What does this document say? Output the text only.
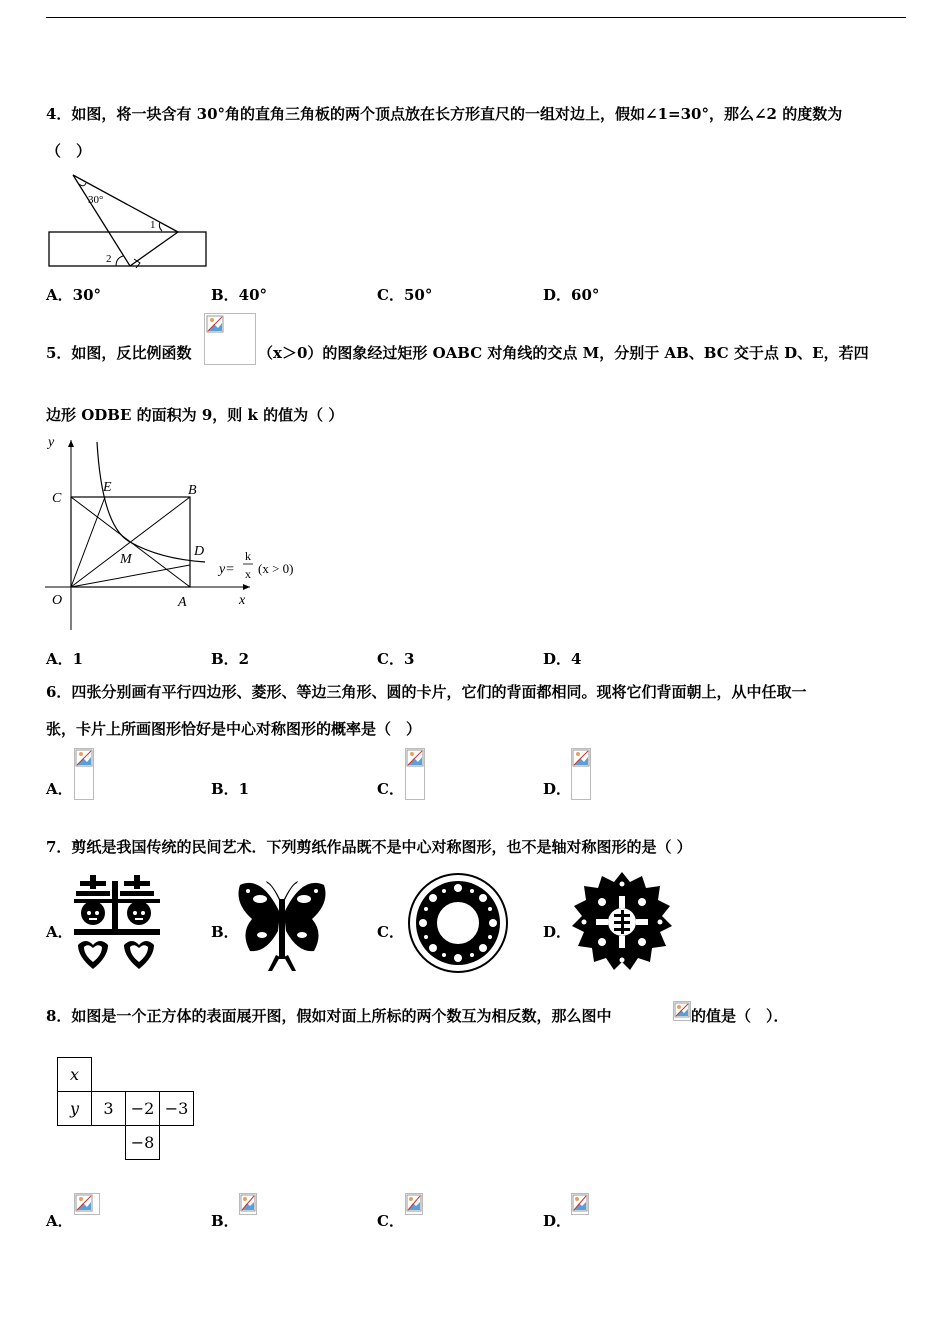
4．如图，将一块含有 30°角的直角三角板的两个顶点放在长方形直尺的一组对边上，假如∠1=30°，那么∠2 的度数为
（　）
30°
1
2
A．30°	B．40°	C．50°	D．60°
5．如图，反比例函数	（x＞0）的图象经过矩形 OABC 对角线的交点 M，分别于 AB、BC 交于点 D、E，若四
边形 ODBE 的面积为 9，则 k 的值为（ ）
y
x
C
E	B
M
D
O	A
y=
k
x (x > 0)
A．1	B．2	C．3	D．4
6．四张分别画有平行四边形、菱形、等边三角形、圆的卡片，它们的背面都相同。现将它们背面朝上，从中任取一
张，卡片上所画图形恰好是中心对称图形的概率是（　）
A．	B．1	C．	D．
7．剪纸是我国传统的民间艺术．下列剪纸作品既不是中心对称图形，也不是轴对称图形的是（ ）
A．	B．	C．	D．
8．如图是一个正方体的表面展开图，假如对面上所标的两个数互为相反数，那么图中	的值是（　）．
x			
y	3	−2	−3
		−8	
A．	B．	C．	D．
